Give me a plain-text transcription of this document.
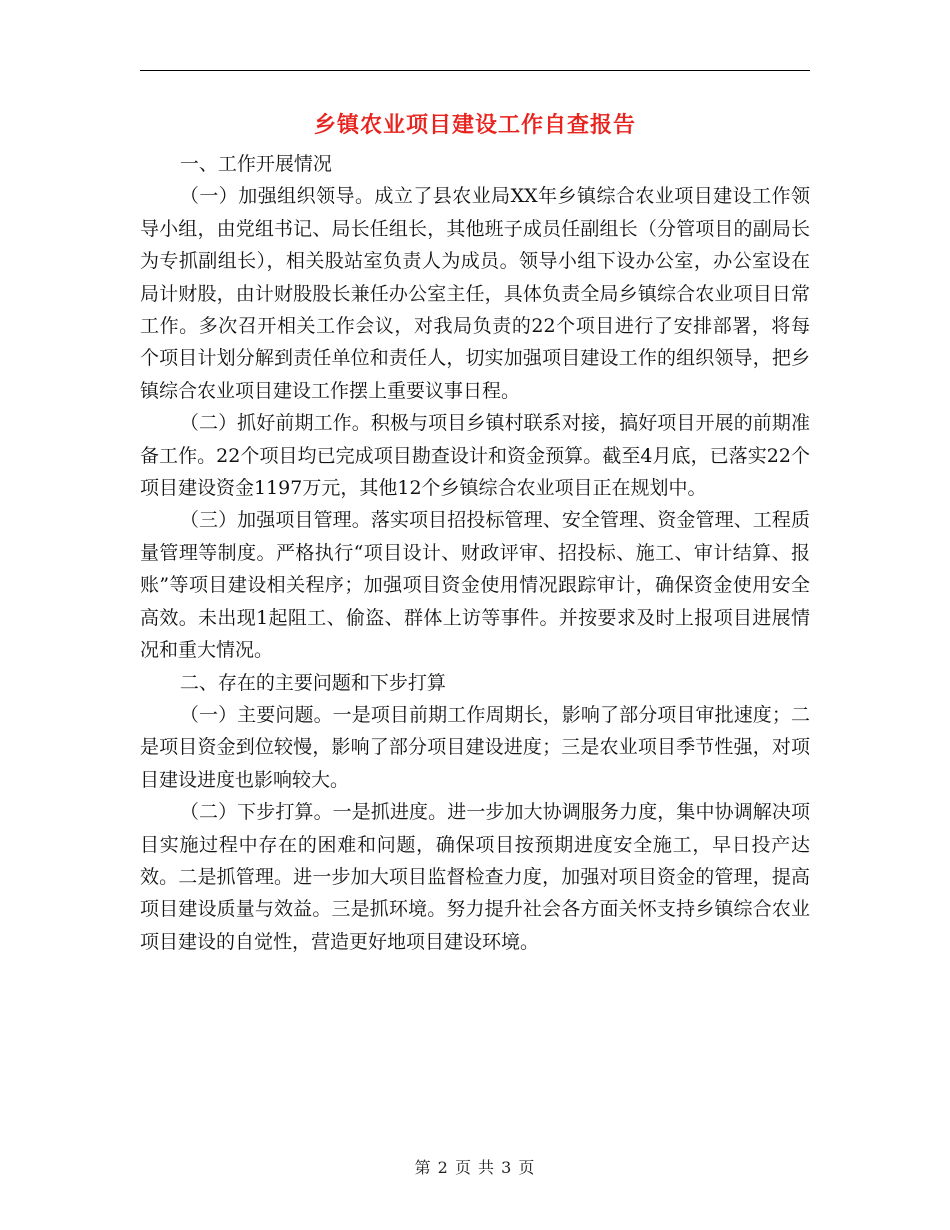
乡镇农业项目建设工作自查报告

一、工作开展情况

（一）加强组织领导。成立了县农业局XX年乡镇综合农业项目建设工作领导小组，由党组书记、局长任组长，其他班子成员任副组长（分管项目的副局长为专抓副组长），相关股站室负责人为成员。领导小组下设办公室，办公室设在局计财股，由计财股股长兼任办公室主任，具体负责全局乡镇综合农业项目日常工作。多次召开相关工作会议，对我局负责的22个项目进行了安排部署，将每个项目计划分解到责任单位和责任人，切实加强项目建设工作的组织领导，把乡镇综合农业项目建设工作摆上重要议事日程。

（二）抓好前期工作。积极与项目乡镇村联系对接，搞好项目开展的前期准备工作。22个项目均已完成项目勘查设计和资金预算。截至4月底，已落实22个项目建设资金1197万元，其他12个乡镇综合农业项目正在规划中。

（三）加强项目管理。落实项目招投标管理、安全管理、资金管理、工程质量管理等制度。严格执行“项目设计、财政评审、招投标、施工、审计结算、报账”等项目建设相关程序；加强项目资金使用情况跟踪审计，确保资金使用安全高效。未出现1起阻工、偷盗、群体上访等事件。并按要求及时上报项目进展情况和重大情况。

二、存在的主要问题和下步打算

（一）主要问题。一是项目前期工作周期长，影响了部分项目审批速度；二是项目资金到位较慢，影响了部分项目建设进度；三是农业项目季节性强，对项目建设进度也影响较大。

（二）下步打算。一是抓进度。进一步加大协调服务力度，集中协调解决项目实施过程中存在的困难和问题，确保项目按预期进度安全施工，早日投产达效。二是抓管理。进一步加大项目监督检查力度，加强对项目资金的管理，提高项目建设质量与效益。三是抓环境。努力提升社会各方面关怀支持乡镇综合农业项目建设的自觉性，营造更好地项目建设环境。

第 2 页 共 3 页
